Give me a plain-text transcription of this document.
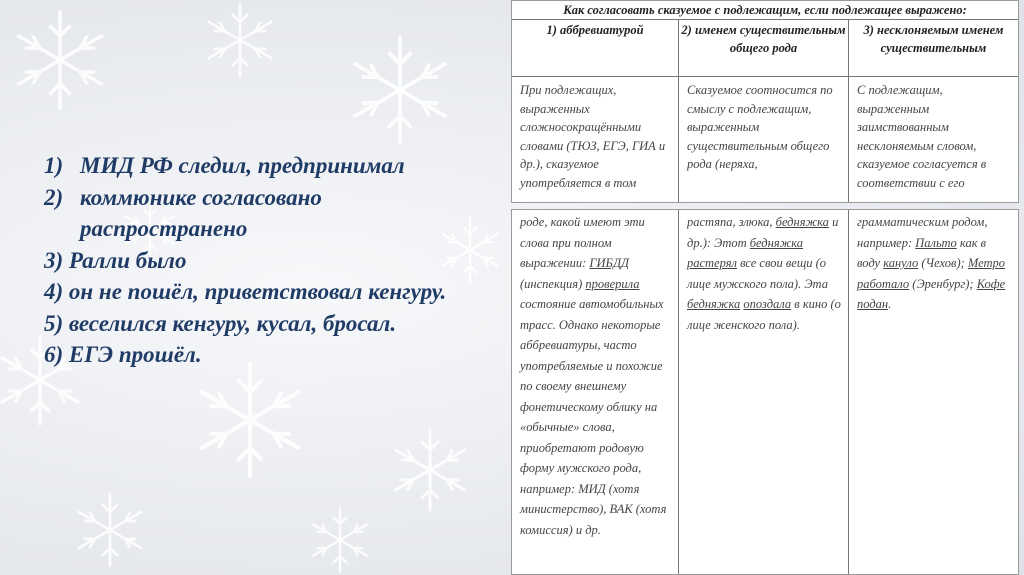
1) МИД РФ следил, предпринимал
2) коммюнике согласовано распространено
3) Ралли было
4) он не пошёл, приветствовал кенгуру.
5) веселился кенгуру, кусал, бросал.
6) ЕГЭ прошёл.
Как согласовать сказуемое с подлежащим, если подлежащее выражено:
1) аббревиатурой	2) именем существительным общего рода
3) несклоняемым именем существительным
При подлежащих, выраженных сложносокращёнными словами (ТЮЗ, ЕГЭ, ГИА и др.), сказуемое употребляется в том
Сказуемое соотносится по смыслу с подлежащим, выраженным существительным общего рода (неряха,
С подлежащим, выраженным заимствованным несклоняемым словом, сказуемое согласуется в соответствии с его
роде, какой имеют эти слова при полном выражении: ГИБДД (инспекция) проверила состояние автомобильных трасс. Однако некоторые аббревиатуры, часто употребляемые и похожие по своему внешнему фонетическому облику на «обычные» слова, приобретают родовую форму мужского рода, например: МИД (хотя министерство), ВАК (хотя комиссия) и др.
растяпа, злюка, бедняжка и др.): Этот бедняжка растерял все свои вещи (о лице мужского пола). Эта бедняжка опоздала в кино (о лице женского пола).
грамматическим родом, например: Пальто как в воду кануло (Чехов); Метро работало (Эренбург); Кофе подан.
